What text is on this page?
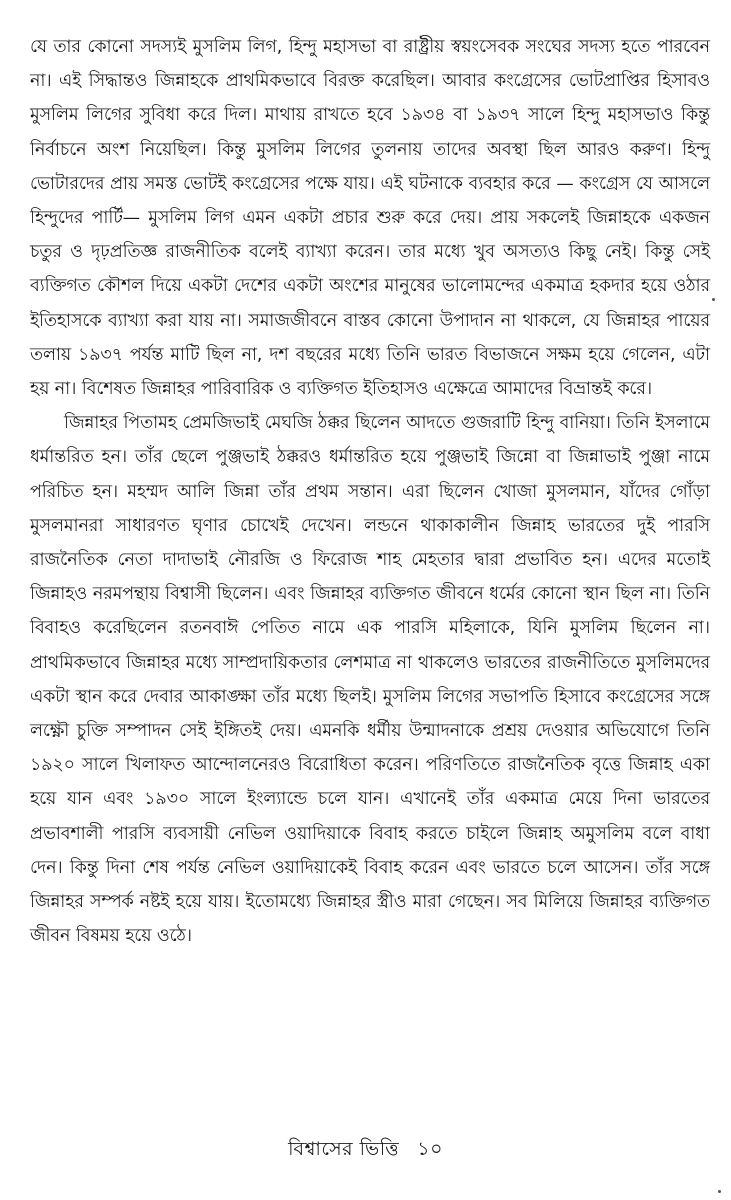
যে তার কোনো সদস্যই মুসলিম লিগ, হিন্দু মহাসভা বা রাষ্ট্রীয় স্বয়ংসেবক সংঘের সদস্য হতে পারবেন না। এই সিদ্ধান্তও জিন্নাহকে প্রাথমিকভাবে বিরক্ত করেছিল। আবার কংগ্রেসের ভোটপ্রাপ্তির হিসাবও মুসলিম লিগের সুবিধা করে দিল। মাথায় রাখতে হবে ১৯৩৪ বা ১৯৩৭ সালে হিন্দু মহাসভাও কিন্তু নির্বাচনে অংশ নিয়েছিল। কিন্তু মুসলিম লিগের তুলনায় তাদের অবস্থা ছিল আরও করুণ। হিন্দু ভোটারদের প্রায় সমস্ত ভোটই কংগ্রেসের পক্ষে যায়। এই ঘটনাকে ব্যবহার করে — কংগ্রেস যে আসলে হিন্দুদের পার্টি— মুসলিম লিগ এমন একটা প্রচার শুরু করে দেয়। প্রায় সকলেই জিন্নাহকে একজন চতুর ও দৃঢ়প্রতিজ্ঞ রাজনীতিক বলেই ব্যাখ্যা করেন। তার মধ্যে খুব অসত্যও কিছু নেই। কিন্তু সেই ব্যক্তিগত কৌশল দিয়ে একটা দেশের একটা অংশের মানুষের ভালোমন্দের একমাত্র হকদার হয়ে ওঠার ইতিহাসকে ব্যাখ্যা করা যায় না। সমাজজীবনে বাস্তব কোনো উপাদান না থাকলে, যে জিন্নাহর পায়ের তলায় ১৯৩৭ পর্যন্ত মাটি ছিল না, দশ বছরের মধ্যে তিনি ভারত বিভাজনে সক্ষম হয়ে গেলেন, এটা হয় না। বিশেষত জিন্নাহর পারিবারিক ও ব্যক্তিগত ইতিহাসও এক্ষেত্রে আমাদের বিভ্রান্তই করে।

জিন্নাহর পিতামহ প্রেমজিভাই মেঘজি ঠক্কর ছিলেন আদতে গুজরাটি হিন্দু বানিয়া। তিনি ইসলামে ধর্মান্তরিত হন। তাঁর ছেলে পুঞ্জভাই ঠক্করও ধর্মান্তরিত হয়ে পুঞ্জভাই জিন্নো বা জিন্নাভাই পুঞ্জা নামে পরিচিত হন। মহম্মদ আলি জিন্না তাঁর প্রথম সন্তান। এরা ছিলেন খোজা মুসলমান, যাঁদের গোঁড়া মুসলমানরা সাধারণত ঘৃণার চোখেই দেখেন। লন্ডনে থাকাকালীন জিন্নাহ ভারতের দুই পারসি রাজনৈতিক নেতা দাদাভাই নৌরজি ও ফিরোজ শাহ মেহতার দ্বারা প্রভাবিত হন। এদের মতোই জিন্নাহও নরমপন্থায় বিশ্বাসী ছিলেন। এবং জিন্নাহর ব্যক্তিগত জীবনে ধর্মের কোনো স্থান ছিল না। তিনি বিবাহও করেছিলেন রতনবাঈ পেতিত নামে এক পারসি মহিলাকে, যিনি মুসলিম ছিলেন না। প্রাথমিকভাবে জিন্নাহর মধ্যে সাম্প্রদায়িকতার লেশমাত্র না থাকলেও ভারতের রাজনীতিতে মুসলিমদের একটা স্থান করে দেবার আকাঙ্ক্ষা তাঁর মধ্যে ছিলই। মুসলিম লিগের সভাপতি হিসাবে কংগ্রেসের সঙ্গে লক্ষ্ণৌ চুক্তি সম্পাদন সেই ইঙ্গিতই দেয়। এমনকি ধর্মীয় উন্মাদনাকে প্রশ্রয় দেওয়ার অভিযোগে তিনি ১৯২০ সালে খিলাফত আন্দোলনেরও বিরোধিতা করেন। পরিণতিতে রাজনৈতিক বৃত্তে জিন্নাহ একা হয়ে যান এবং ১৯৩০ সালে ইংল্যান্ডে চলে যান। এখানেই তাঁর একমাত্র মেয়ে দিনা ভারতের প্রভাবশালী পারসি ব্যবসায়ী নেভিল ওয়াদিয়াকে বিবাহ করতে চাইলে জিন্নাহ অমুসলিম বলে বাধা দেন। কিন্তু দিনা শেষ পর্যন্ত নেভিল ওয়াদিয়াকেই বিবাহ করেন এবং ভারতে চলে আসেন। তাঁর সঙ্গে জিন্নাহর সম্পর্ক নষ্টই হয়ে যায়। ইতোমধ্যে জিন্নাহর স্ত্রীও মারা গেছেন। সব মিলিয়ে জিন্নাহর ব্যক্তিগত জীবন বিষময় হয়ে ওঠে।

বিশ্বাসের ভিত্তি ১০
